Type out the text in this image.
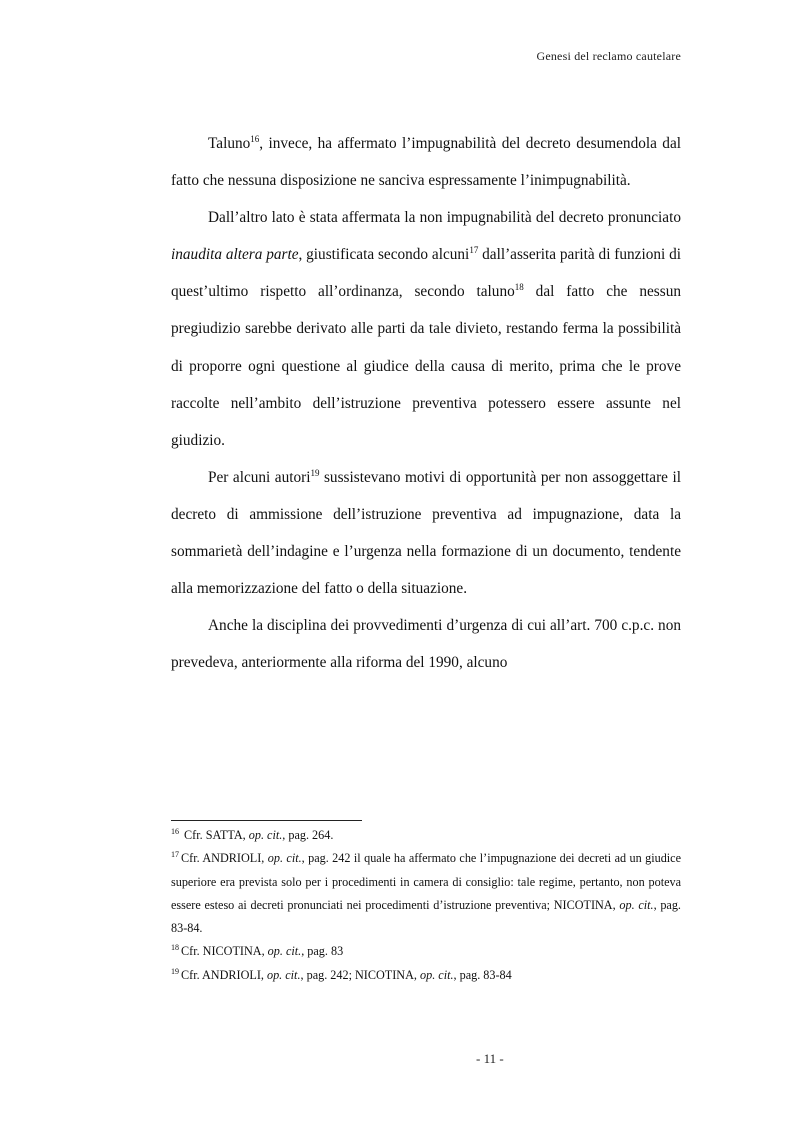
Genesi del reclamo cautelare

Taluno$^{16}$, invece, ha affermato l’impugnabilità del decreto desumendola dal fatto che nessuna disposizione ne sanciva espressamente l’inimpugnabilità.

Dall’altro lato è stata affermata la non impugnabilità del decreto pronunciato inaudita altera parte, giustificata secondo alcuni$^{17}$ dall’asserita parità di funzioni di quest’ultimo rispetto all’ordinanza, secondo taluno$^{18}$ dal fatto che nessun pregiudizio sarebbe derivato alle parti da tale divieto, restando ferma la possibilità di proporre ogni questione al giudice della causa di merito, prima che le prove raccolte nell’ambito dell’istruzione preventiva potessero essere assunte nel giudizio.

Per alcuni autori$^{19}$ sussistevano motivi di opportunità per non assoggettare il decreto di ammissione dell’istruzione preventiva ad impugnazione, data la sommarietà dell’indagine e l’urgenza nella formazione di un documento, tendente alla memorizzazione del fatto o della situazione.

Anche la disciplina dei provvedimenti d’urgenza di cui all’art. 700 c.p.c. non prevedeva, anteriormente alla riforma del 1990, alcuno

$^{16}$ Cfr. SATTA, op. cit., pag. 264.

$^{17}$ Cfr. ANDRIOLI, op. cit., pag. 242 il quale ha affermato che l’impugnazione dei decreti ad un giudice superiore era prevista solo per i procedimenti in camera di consiglio: tale regime, pertanto, non poteva essere esteso ai decreti pronunciati nei procedimenti d’istruzione preventiva; NICOTINA, op. cit., pag. 83-84.

$^{18}$ Cfr. NICOTINA, op. cit., pag. 83

$^{19}$ Cfr. ANDRIOLI, op. cit., pag. 242; NICOTINA, op. cit., pag. 83-84

- 11 -
